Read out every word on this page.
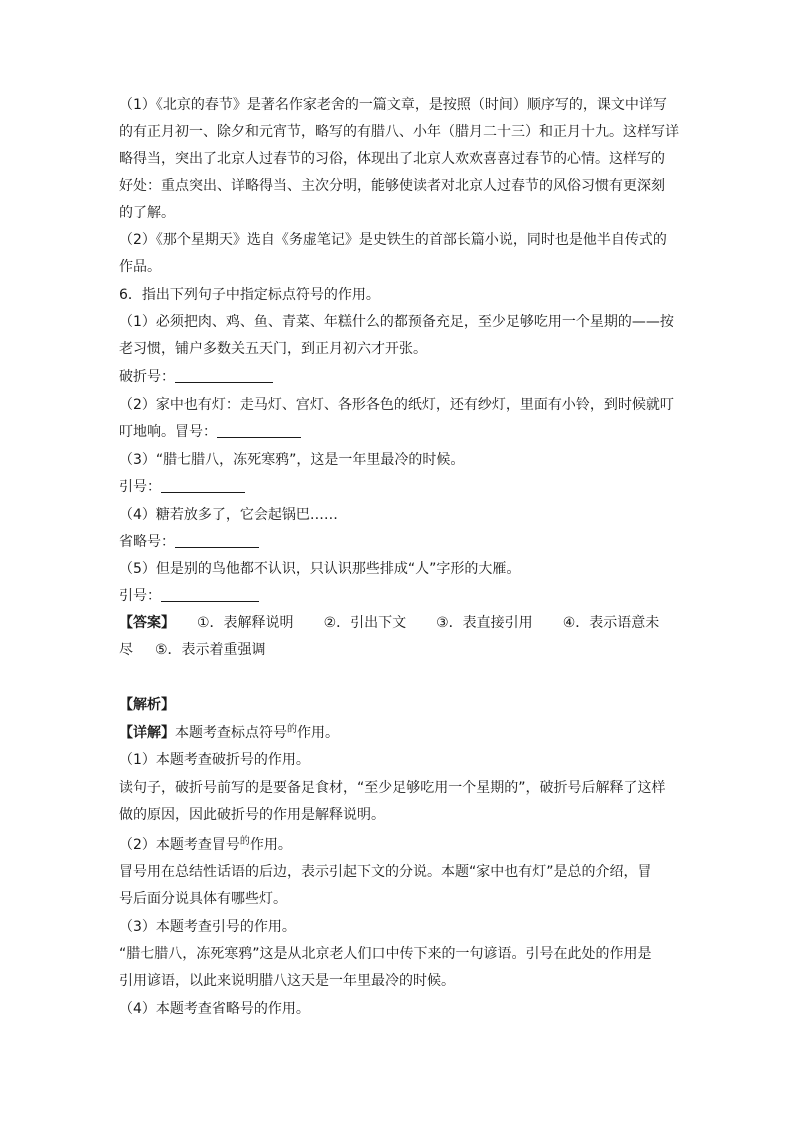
（1）《北京的春节》是著名作家老舍的一篇文章，是按照（时间）顺序写的，课文中详写
的有正月初一、除夕和元宵节，略写的有腊八、小年（腊月二十三）和正月十九。这样写详
略得当，突出了北京人过春节的习俗，体现出了北京人欢欢喜喜过春节的心情。这样写的
好处：重点突出、详略得当、主次分明，能够使读者对北京人过春节的风俗习惯有更深刻
的了解。
（2）《那个星期天》选自《务虚笔记》是史铁生的首部长篇小说，同时也是他半自传式的
作品。
6．指出下列句子中指定标点符号的作用。
（1）必须把肉、鸡、鱼、青菜、年糕什么的都预备充足，至少足够吃用一个星期的——按
老习惯，铺户多数关五天门，到正月初六才开张。
破折号：
（2）家中也有灯：走马灯、宫灯、各形各色的纸灯，还有纱灯，里面有小铃，到时候就叮
叮地响。冒号：
（3）“腊七腊八，冻死寒鸦”，这是一年里最冷的时候。
引号：
（4）糖若放多了，它会起锅巴……
省略号：
（5）但是别的鸟他都不认识，只认识那些排成“人”字形的大雁。
引号：
【答案】 ①．表解释说明 ②．引出下文 ③．表直接引用 ④．表示语意未
尽 ⑤．表示着重强调
【解析】
【详解】本题考查标点符号$^的$作用。
（1）本题考查破折号的作用。
读句子，破折号前写的是要备足食材，“至少足够吃用一个星期的”，破折号后解释了这样
做的原因，因此破折号的作用是解释说明。
（2）本题考查冒号$^的$作用。
冒号用在总结性话语的后边，表示引起下文的分说。本题“家中也有灯”是总的介绍，冒
号后面分说具体有哪些灯。
（3）本题考查引号的作用。
“腊七腊八，冻死寒鸦”这是从北京老人们口中传下来的一句谚语。引号在此处的作用是
引用谚语，以此来说明腊八这天是一年里最冷的时候。
（4）本题考查省略号的作用。
